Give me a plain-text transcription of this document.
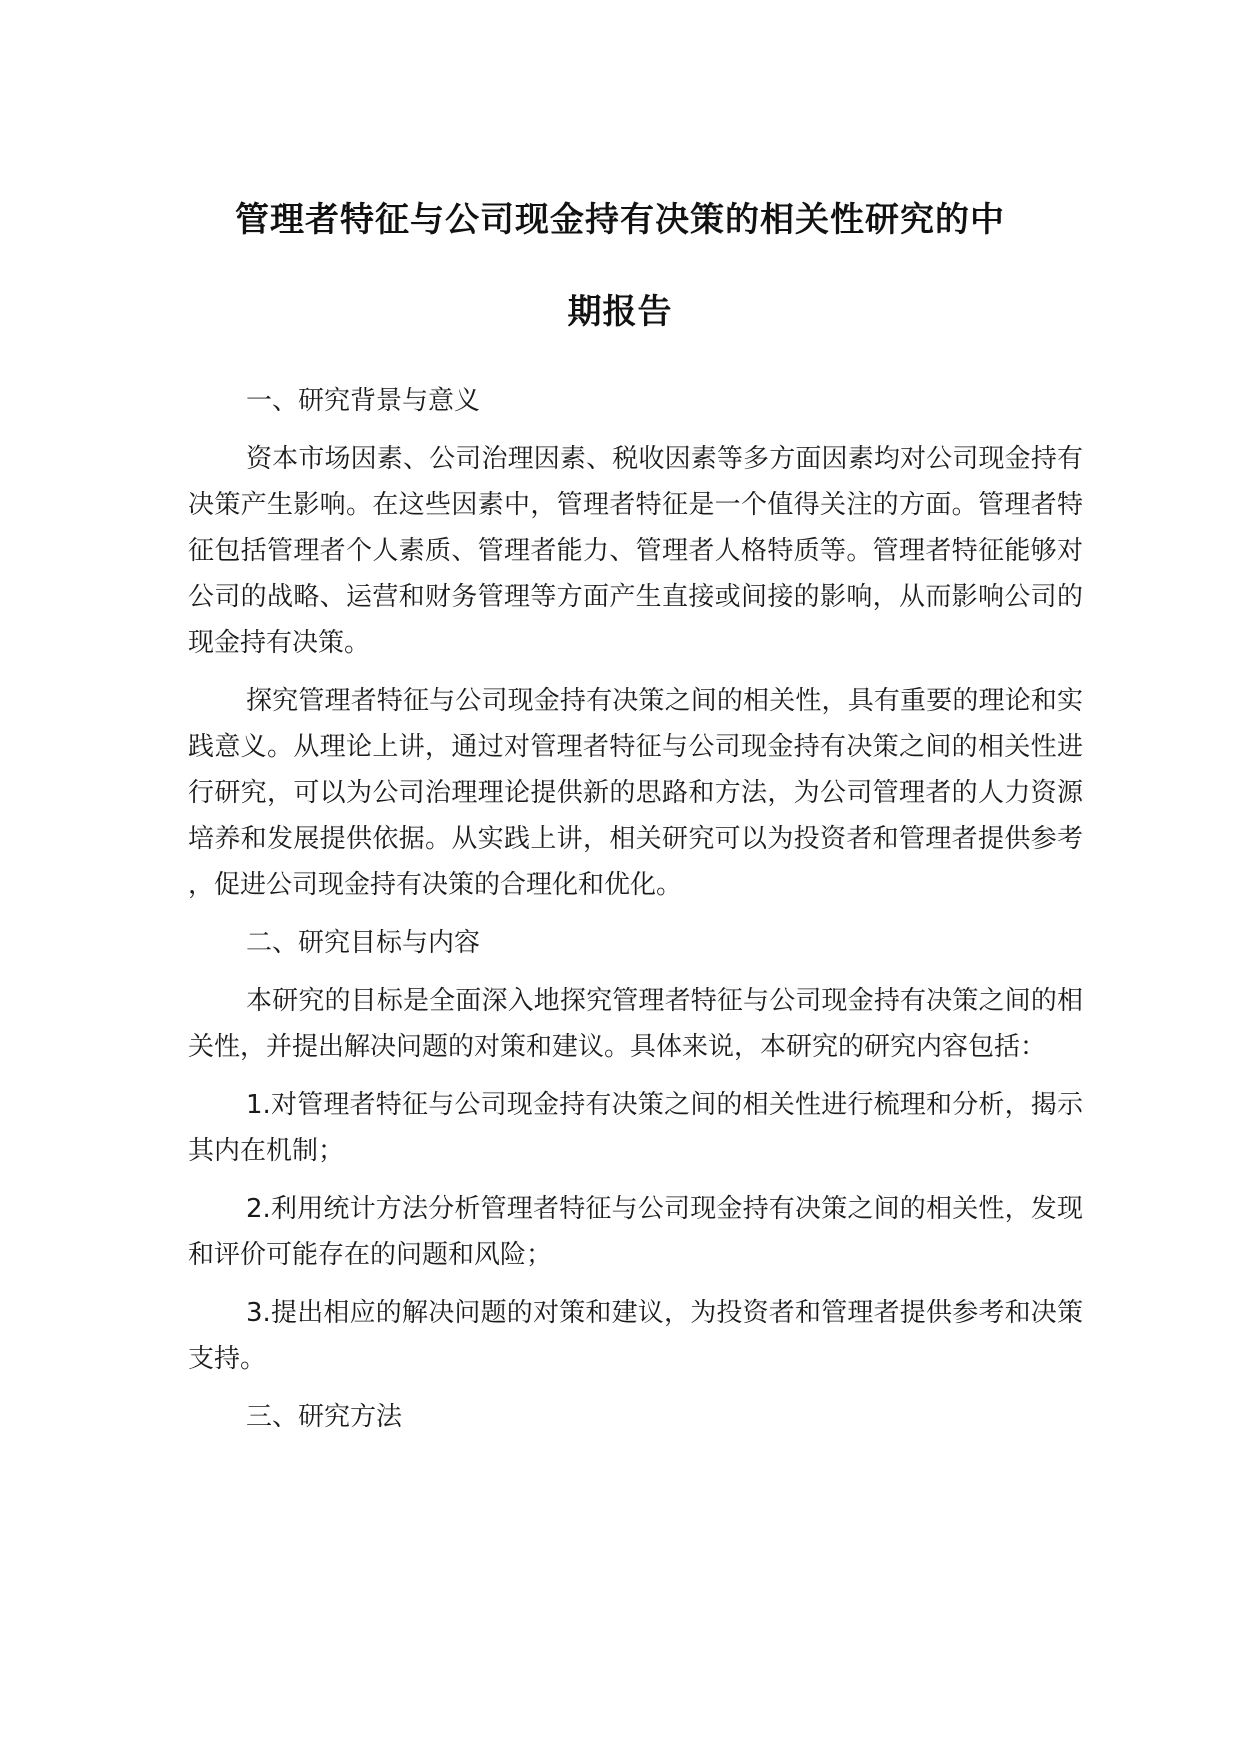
管理者特征与公司现金持有决策的相关性研究的中
期报告

一、研究背景与意义

资本市场因素、公司治理因素、税收因素等多方面因素均对公司现金持有决策产生影响。在这些因素中，管理者特征是一个值得关注的方面。管理者特征包括管理者个人素质、管理者能力、管理者人格特质等。管理者特征能够对公司的战略、运营和财务管理等方面产生直接或间接的影响，从而影响公司的现金持有决策。

探究管理者特征与公司现金持有决策之间的相关性，具有重要的理论和实践意义。从理论上讲，通过对管理者特征与公司现金持有决策之间的相关性进行研究，可以为公司治理理论提供新的思路和方法，为公司管理者的人力资源培养和发展提供依据。从实践上讲，相关研究可以为投资者和管理者提供参考，促进公司现金持有决策的合理化和优化。

二、研究目标与内容

本研究的目标是全面深入地探究管理者特征与公司现金持有决策之间的相关性，并提出解决问题的对策和建议。具体来说，本研究的研究内容包括：

1.对管理者特征与公司现金持有决策之间的相关性进行梳理和分析，揭示其内在机制；

2.利用统计方法分析管理者特征与公司现金持有决策之间的相关性，发现和评价可能存在的问题和风险；

3.提出相应的解决问题的对策和建议，为投资者和管理者提供参考和决策支持。

三、研究方法
